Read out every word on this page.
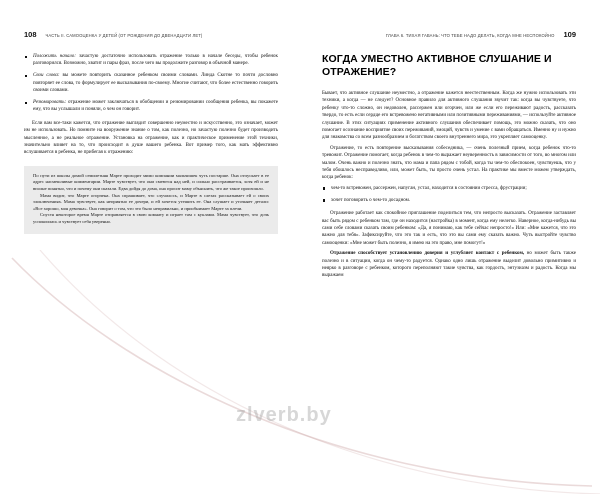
108 ЧАСТЬ II. САМООЦЕНКА У ДЕТЕЙ (ОТ РОЖДЕНИЯ ДО ДВЕНАДЦАТИ ЛЕТ)
Положить начало: зачастую достаточно использовать отражение только в начале беседы, чтобы ребенок разговорился. Возможно, хватит и пары фраз, после чего вы продолжите разговор в обычной манере.
Свои слова: вы можете повторить сказанное ребенком своими словами. Линда Скотне то почти дословно повторяет ее слова, то формулирует ее высказывания по-своему. Многие считают, что более естественно говорить своими словами.
Резюмировать: отражение может заключаться в обобщении и резюмировании сообщения ребенка, вы покажете ему, что вы услышали и поняли, о чем он говорит.

Если вам все-таки кажется, что отражение выглядит совершенно неуместно и искусственно, это означает, может им не использовать. Но помните на вооружение знание о том, как полезно, но зачастую полезно будет производить мысленное, а не реальное отражение. Установка на отражение, как и практическое применение этой техники, значительно влияет на то, что происходит в душе вашего ребенка. Вот пример того, как мать эффективно вслушивается в ребенка, не прибегая к отражению:

По пути из школы домой семилетняя Марте проходит мимо компании мальчишек чуть постарше. Она отпускает в ее адрес насмешливые комментарии. Марте чувствует, что они смеются над ней, и сильно расстраивается, хотя ей и не вполне понятно, что и почему они сказали. Едва дойдя до дома, она просит маму объяснить, что же такое произошло.

Мама видит, что Марте огорчена. Она спрашивает, что случилось, и Марте в слезах рассказывает ей о своих злоключениях. Мама чувствует, как неприятно ее дочери, и ей хочется утешить ее. Она слушает и уточняет детали: «Все хорошо, моя девочка». Она говорит о том, что это было неправильно, и приобнимает Марте за плечи.

Спустя некоторое время Марте отправляется в свою комнату и играет там с куклами. Мама чувствует, что дочь успокоилась и чувствует себя уверенно.

ГЛАВА 6. ТИХАЯ ГАВАНЬ: ЧТО ТЕБЕ НАДО ДЕЛАТЬ, КОГДА МНЕ НЕСПОКОЙНО 109
КОГДА УМЕСТНО АКТИВНОЕ СЛУШАНИЕ И ОТРАЖЕНИЕ?

Бывает, что активное слушание неуместно, а отражение кажется неестественным. Когда же нужно использовать эти техники, а когда — не следует? Основное правило для активного слушания звучит так: когда вы чувствуете, что ребенку что-то сложно, он недоволен, рассержен или огорчен, или же если его переживают радость, рассказать твердо, то есть если сердце его встревожено негативными или позитивными переживаниями, — используйте активное слушание. В этих ситуациях применение активного слушания обеспечивает помощь, это можно сказать, что оно помогает осознание восприятие своих переживаний, эмоций, чувств и умение с вами обращаться. Именно ну и нужно для знакомства со всем разнообразием и богатством своего внутреннего мира, это укрепляет самооценку.

Отражение, то есть повторение высказывания собеседника, — очень полезный прием, когда ребенок что-то тревожит. Отражение помогает, когда ребенок в чем-то выражает неуверенность в зависимости от того, во многом или малом. Очень важно и полезно знать, что мама и папа рядом с тобой, когда ты чем-то обеспокоен, чувствуешь, что у тебя обошлось несправедливо, или, может быть, ты просто очень устал. На практике мы вместе можем утверждать, когда ребенок:

чем-то встревожен, рассержен, напуган, устал, находится в состоянии стресса, фрустрации;
хочет поговорить о чем-то досадном.

Отражение работает как спокойное приглашение поделиться тем, что непросто высказать. Отражение заставляет вас быть рядом с ребенком там, где он находится (настройка) в момент, когда ему нелегко. Наверное, когда-нибудь вы сами себе словами сказать своим ребенком: «Да, я понимаю, как тебе сейчас непросто!» Или: «Мне кажется, что это важно для тебя». Зафиксируйте, что это так и есть, что это вы сами ему сказать важно. Чуть выстройте чувство самооценки: «Мне может быть полезно, я имею на это право, мне помогут!»

Отражение способствует установлению доверия и углубляет контакт с ребенком, но может быть также полезно и в ситуации, когда он чему-то радуется. Однако одно лишь отражение выделит довольно примитивно и неярко в разговоре с ребенком, которого переполняют такие чувства, как гордость, энтузиазм и радость. Когда мы выражаем

zlverb.by
